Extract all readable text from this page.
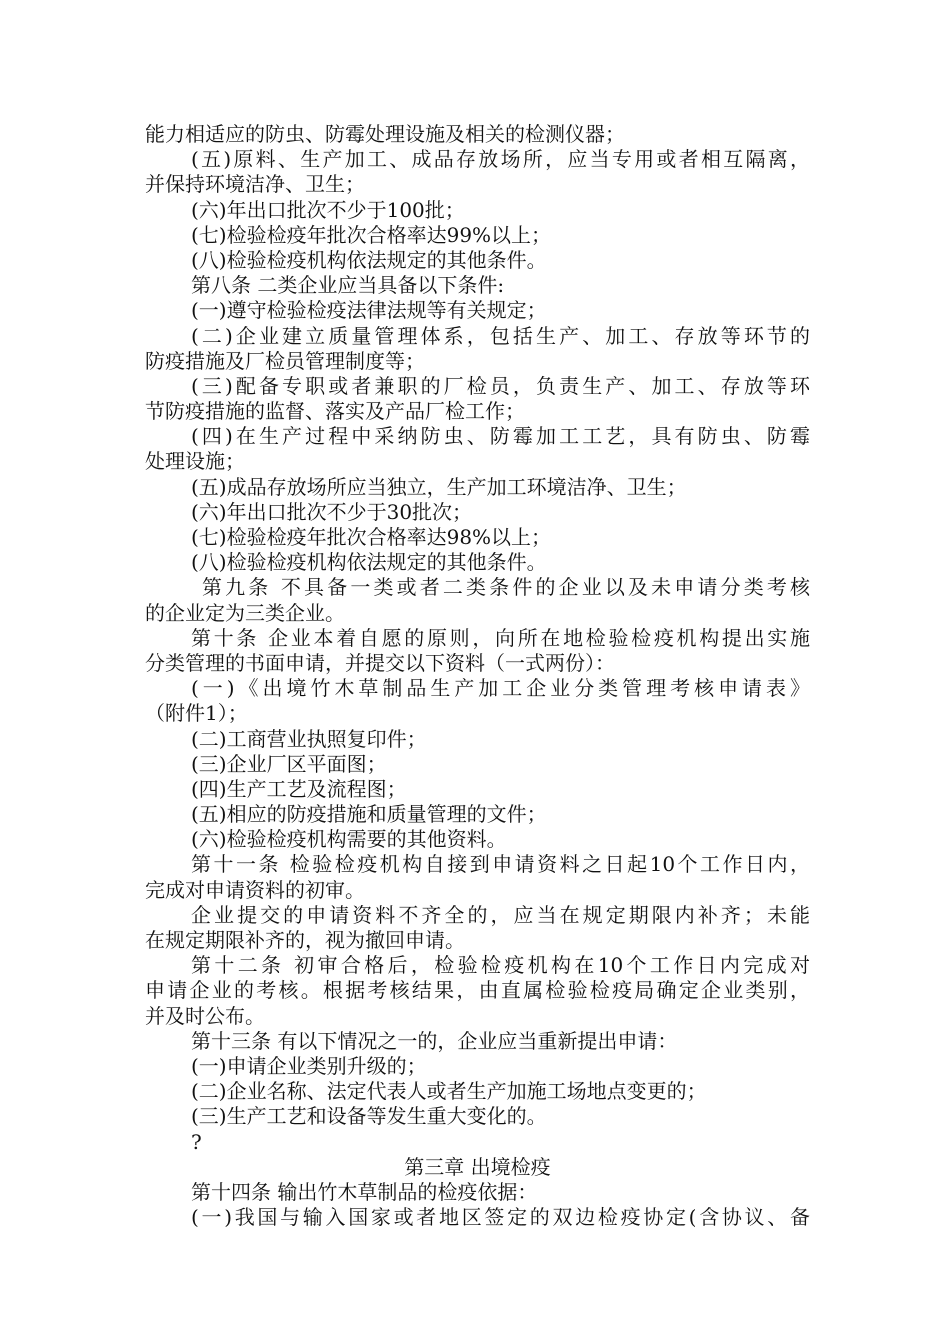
能力相适应的防虫、防霉处理设施及相关的检测仪器；
(五)原料、生产加工、成品存放场所，应当专用或者相互隔离，
并保持环境洁净、卫生；
(六)年出口批次不少于100批；
(七)检验检疫年批次合格率达99%以上；
(八)检验检疫机构依法规定的其他条件。
第八条 二类企业应当具备以下条件:
(一)遵守检验检疫法律法规等有关规定；
(二)企业建立质量管理体系，包括生产、加工、存放等环节的
防疫措施及厂检员管理制度等；
(三)配备专职或者兼职的厂检员，负责生产、加工、存放等环
节防疫措施的监督、落实及产品厂检工作；
(四)在生产过程中采纳防虫、防霉加工工艺，具有防虫、防霉
处理设施；
(五)成品存放场所应当独立，生产加工环境洁净、卫生；
(六)年出口批次不少于30批次；
(七)检验检疫年批次合格率达98%以上；
(八)检验检疫机构依法规定的其他条件。
第九条 不具备一类或者二类条件的企业以及未申请分类考核
的企业定为三类企业。
第十条 企业本着自愿的原则，向所在地检验检疫机构提出实施
分类管理的书面申请，并提交以下资料（一式两份）：
(一)《出境竹木草制品生产加工企业分类管理考核申请表》
（附件1）；
(二)工商营业执照复印件；
(三)企业厂区平面图；
(四)生产工艺及流程图；
(五)相应的防疫措施和质量管理的文件；
(六)检验检疫机构需要的其他资料。
第十一条 检验检疫机构自接到申请资料之日起10个工作日内，
完成对申请资料的初审。
企业提交的申请资料不齐全的，应当在规定期限内补齐；未能
在规定期限补齐的，视为撤回申请。
第十二条 初审合格后，检验检疫机构在10个工作日内完成对
申请企业的考核。根据考核结果，由直属检验检疫局确定企业类别，
并及时公布。
第十三条 有以下情况之一的，企业应当重新提出申请：
(一)申请企业类别升级的；
(二)企业名称、法定代表人或者生产加施工场地点变更的；
(三)生产工艺和设备等发生重大变化的。
?
第三章 出境检疫
第十四条 输出竹木草制品的检疫依据：
(一)我国与输入国家或者地区签定的双边检疫协定(含协议、备
